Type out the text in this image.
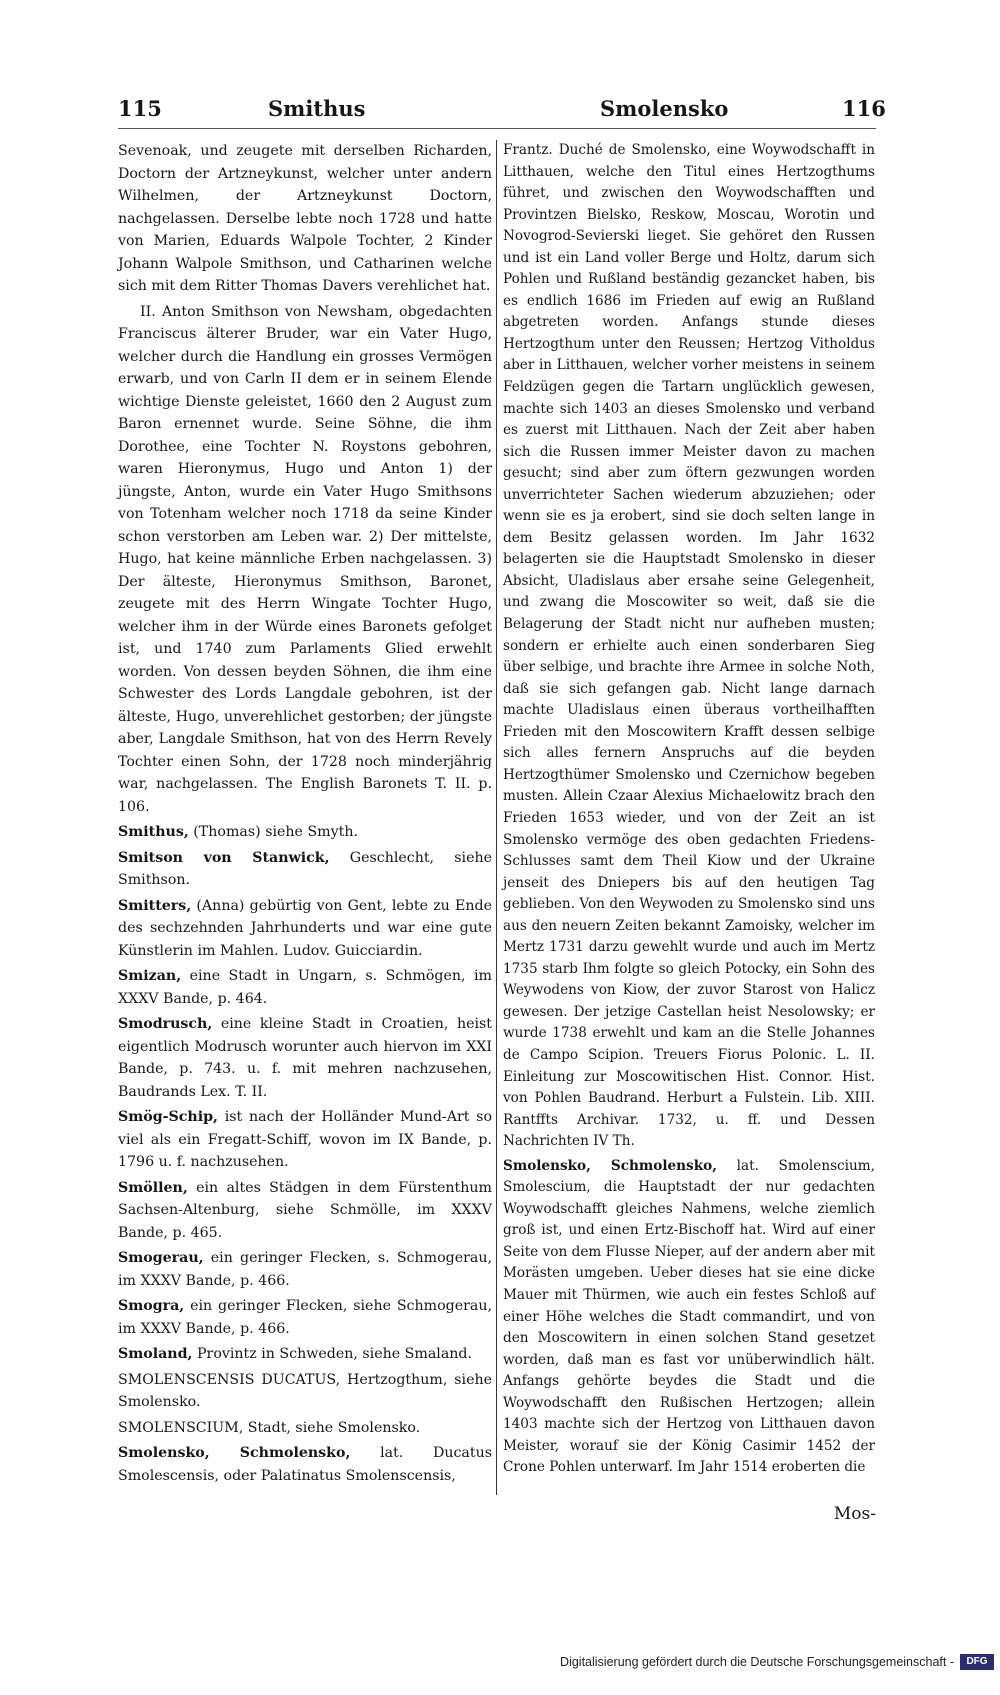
115	Smithus	Smolensko	116

Sevenoak, und zeugete mit derselben Richarden, Doctorn der Artzneykunst, welcher unter andern Wilhelmen, der Artzneykunst Doctorn, nachgelassen. Derselbe lebte noch 1728 und hatte von Marien, Eduards Walpole Tochter, 2 Kinder Johann Walpole Smithson, und Catharinen welche sich mit dem Ritter Thomas Davers verehlichet hat.

II. Anton Smithson von Newsham, obgedachten Franciscus älterer Bruder, war ein Vater Hugo, welcher durch die Handlung ein grosses Vermögen erwarb, und von Carln II dem er in seinem Elende wichtige Dienste geleistet, 1660 den 2 August zum Baron ernennet wurde. Seine Söhne, die ihm Dorothee, eine Tochter N. Roystons gebohren, waren Hieronymus, Hugo und Anton 1) der jüngste, Anton, wurde ein Vater Hugo Smithsons von Totenham welcher noch 1718 da seine Kinder schon verstorben am Leben war. 2) Der mittelste, Hugo, hat keine männliche Erben nachgelassen. 3) Der älteste, Hieronymus Smithson, Baronet, zeugete mit des Herrn Wingate Tochter Hugo, welcher ihm in der Würde eines Baronets gefolget ist, und 1740 zum Parlaments Glied erwehlt worden. Von dessen beyden Söhnen, die ihm eine Schwester des Lords Langdale gebohren, ist der älteste, Hugo, unverehlichet gestorben; der jüngste aber, Langdale Smithson, hat von des Herrn Revely Tochter einen Sohn, der 1728 noch minderjährig war, nachgelassen. The English Baronets T. II. p. 106.

Smithus, (Thomas) siehe Smyth.

Smitson von Stanwick, Geschlecht, siehe Smithson.

Smitters, (Anna) gebürtig von Gent, lebte zu Ende des sechzehnden Jahrhunderts und war eine gute Künstlerin im Mahlen. Ludov. Guicciardin.

Smizan, eine Stadt in Ungarn, s. Schmögen, im XXXV Bande, p. 464.

Smodrusch, eine kleine Stadt in Croatien, heist eigentlich Modrusch worunter auch hiervon im XXI Bande, p. 743. u. f. mit mehren nachzusehen, Baudrands Lex. T. II.

Smög-Schip, ist nach der Holländer Mund-Art so viel als ein Fregatt-Schiff, wovon im IX Bande, p. 1796 u. f. nachzusehen.

Smöllen, ein altes Städgen in dem Fürstenthum Sachsen-Altenburg, siehe Schmölle, im XXXV Bande, p. 465.

Smogerau, ein geringer Flecken, s. Schmogerau, im XXXV Bande, p. 466.

Smogra, ein geringer Flecken, siehe Schmogerau, im XXXV Bande, p. 466.

Smoland, Provintz in Schweden, siehe Smaland.

SMOLENSCENSIS DUCATUS, Hertzogthum, siehe Smolensko.

SMOLENSCIUM, Stadt, siehe Smolensko.

Smolensko, Schmolensko, lat. Ducatus Smolescensis, oder Palatinatus Smolenscensis,

Frantz. Duché de Smolensko, eine Woywodschafft in Litthauen, welche den Titul eines Hertzogthums führet, und zwischen den Woywodschafften und Provintzen Bielsko, Reskow, Moscau, Worotin und Novogrod-Sevierski lieget. Sie gehöret den Russen und ist ein Land voller Berge und Holtz, darum sich Pohlen und Rußland beständig gezancket haben, bis es endlich 1686 im Frieden auf ewig an Rußland abgetreten worden. Anfangs stunde dieses Hertzogthum unter den Reussen; Hertzog Vitholdus aber in Litthauen, welcher vorher meistens in seinem Feldzügen gegen die Tartarn unglücklich gewesen, machte sich 1403 an dieses Smolensko und verband es zuerst mit Litthauen. Nach der Zeit aber haben sich die Russen immer Meister davon zu machen gesucht; sind aber zum öftern gezwungen worden unverrichteter Sachen wiederum abzuziehen; oder wenn sie es ja erobert, sind sie doch selten lange in dem Besitz gelassen worden. Im Jahr 1632 belagerten sie die Hauptstadt Smolensko in dieser Absicht, Uladislaus aber ersahe seine Gelegenheit, und zwang die Moscowiter so weit, daß sie die Belagerung der Stadt nicht nur aufheben musten; sondern er erhielte auch einen sonderbaren Sieg über selbige, und brachte ihre Armee in solche Noth, daß sie sich gefangen gab. Nicht lange darnach machte Uladislaus einen überaus vortheilhafften Frieden mit den Moscowitern Krafft dessen selbige sich alles fernern Anspruchs auf die beyden Hertzogthümer Smolensko und Czernichow begeben musten. Allein Czaar Alexius Michaelowitz brach den Frieden 1653 wieder, und von der Zeit an ist Smolensko vermöge des oben gedachten Friedens-Schlusses samt dem Theil Kiow und der Ukraine jenseit des Dniepers bis auf den heutigen Tag geblieben. Von den Weywoden zu Smolensko sind uns aus den neuern Zeiten bekannt Zamoisky, welcher im Mertz 1731 darzu gewehlt wurde und auch im Mertz 1735 starb Ihm folgte so gleich Potocky, ein Sohn des Weywodens von Kiow, der zuvor Starost von Halicz gewesen. Der jetzige Castellan heist Nesolowsky; er wurde 1738 erwehlt und kam an die Stelle Johannes de Campo Scipion. Treuers Fiorus Polonic. L. II. Einleitung zur Moscowitischen Hist. Connor. Hist. von Pohlen Baudrand. Herburt a Fulstein. Lib. XIII. Rantffts Archivar. 1732, u. ff. und Dessen Nachrichten IV Th.

Smolensko, Schmolensko, lat. Smolenscium, Smolescium, die Hauptstadt der nur gedachten Woywodschafft gleiches Nahmens, welche ziemlich groß ist, und einen Ertz-Bischoff hat. Wird auf einer Seite von dem Flusse Nieper, auf der andern aber mit Morästen umgeben. Ueber dieses hat sie eine dicke Mauer mit Thürmen, wie auch ein festes Schloß auf einer Höhe welches die Stadt commandirt, und von den Moscowitern in einen solchen Stand gesetzet worden, daß man es fast vor unüberwindlich hält. Anfangs gehörte beydes die Stadt und die Woywodschafft den Rußischen Hertzogen; allein 1403 machte sich der Hertzog von Litthauen davon Meister, worauf sie der König Casimir 1452 der Crone Pohlen unterwarf. Im Jahr 1514 eroberten die

Mos-
Digitalisierung gefördert durch die Deutsche Forschungsgemeinschaft -	DFG
